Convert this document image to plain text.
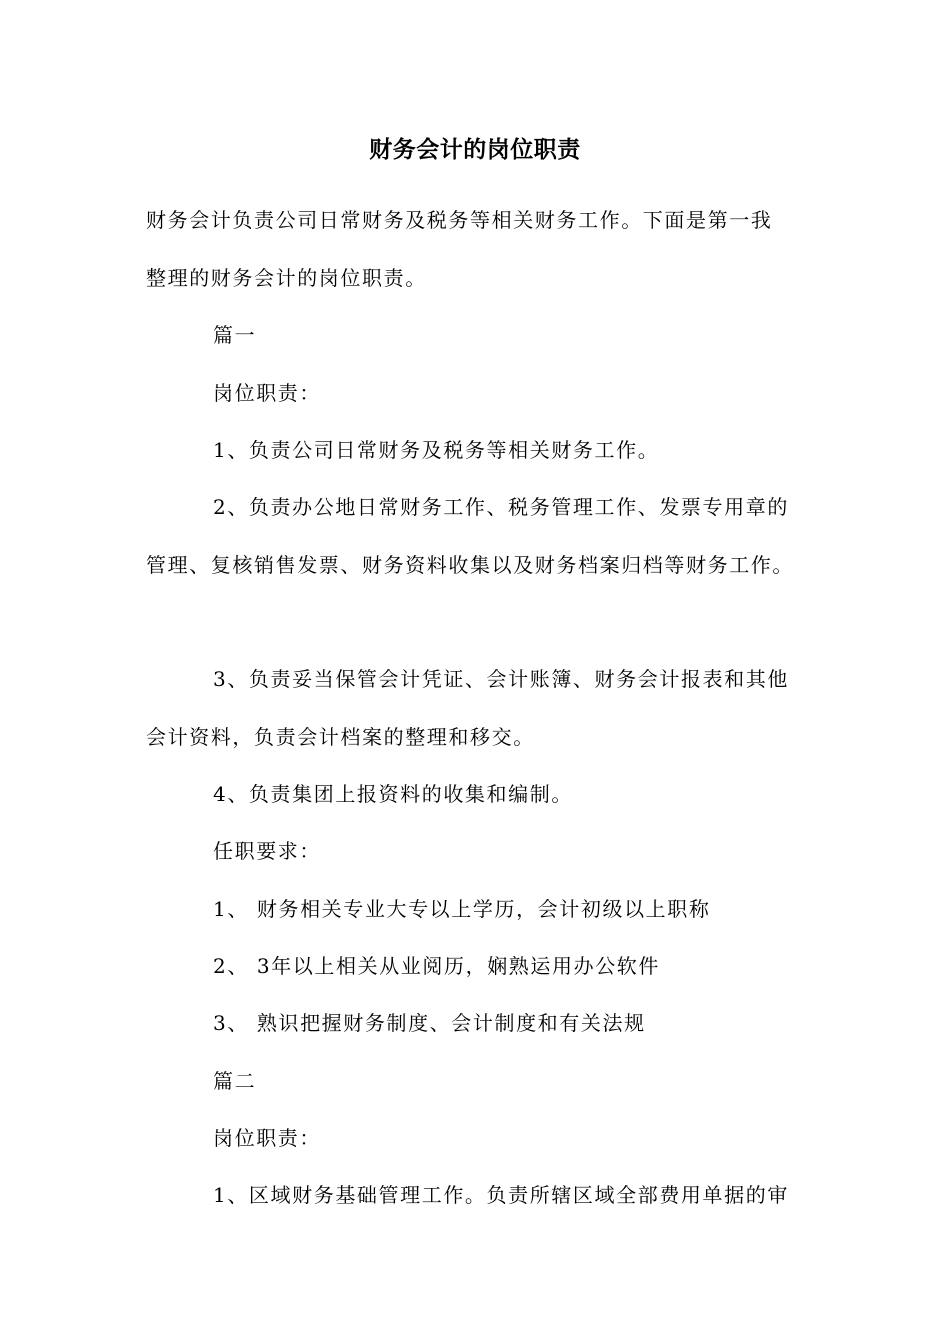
财务会计的岗位职责
财务会计负责公司日常财务及税务等相关财务工作。下面是第一我
整理的财务会计的岗位职责。
篇一
岗位职责：
1、负责公司日常财务及税务等相关财务工作。
2、负责办公地日常财务工作、税务管理工作、发票专用章的
管理、复核销售发票、财务资料收集以及财务档案归档等财务工作。
3、负责妥当保管会计凭证、会计账簿、财务会计报表和其他
会计资料，负责会计档案的整理和移交。
4、负责集团上报资料的收集和编制。
任职要求：
1、 财务相关专业大专以上学历，会计初级以上职称
2、 3年以上相关从业阅历，娴熟运用办公软件
3、 熟识把握财务制度、会计制度和有关法规
篇二
岗位职责：
1、区域财务基础管理工作。负责所辖区域全部费用单据的审
